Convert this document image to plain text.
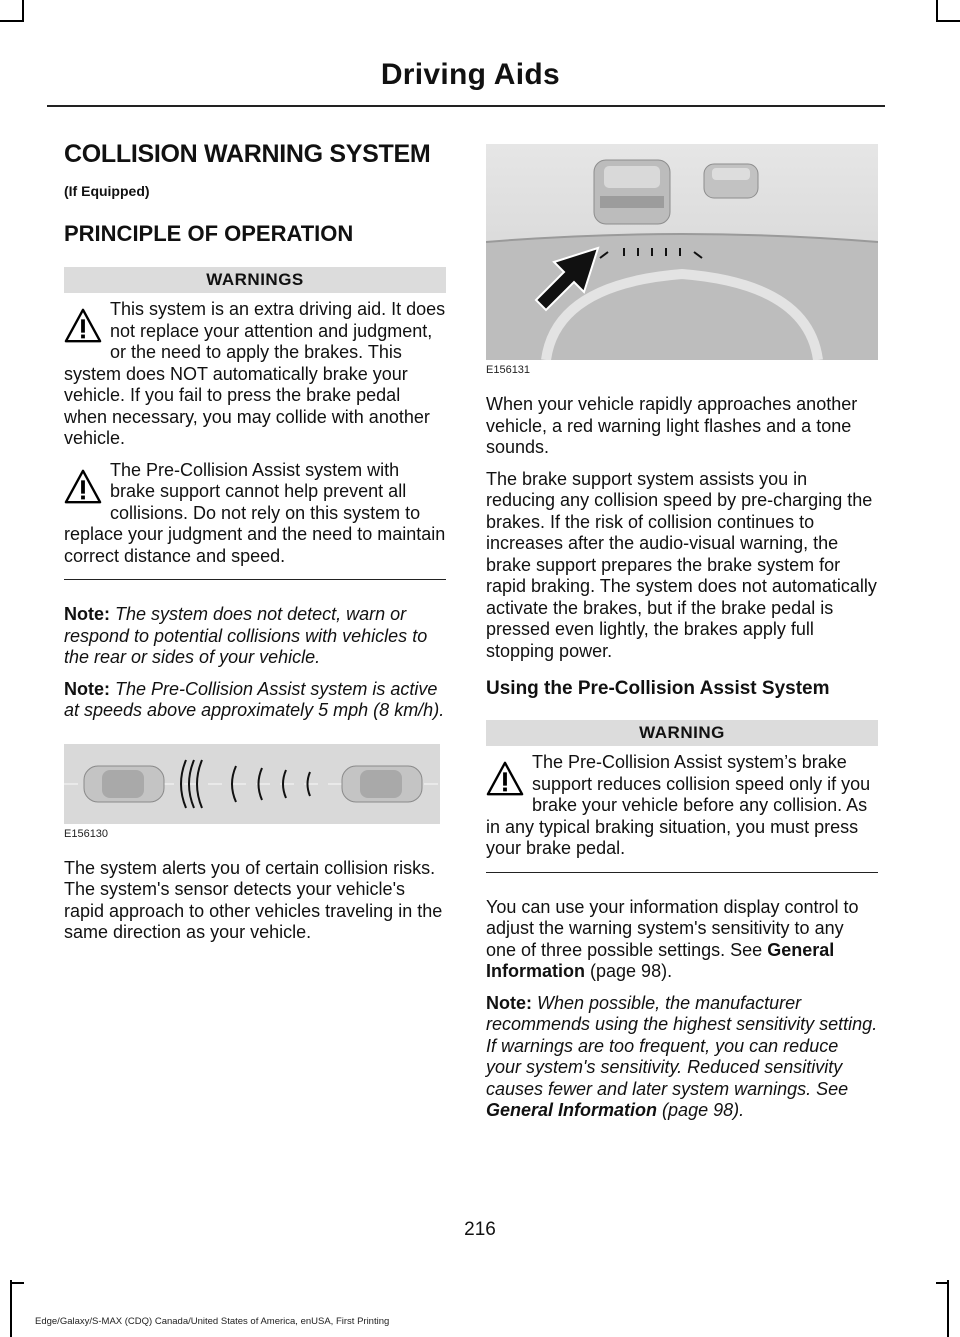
Driving Aids
COLLISION WARNING SYSTEM
(If Equipped)
PRINCIPLE OF OPERATION
WARNINGS
This system is an extra driving aid. It does not replace your attention and judgment, or the need to apply the brakes. This system does NOT automatically brake your vehicle. If you fail to press the brake pedal when necessary, you may collide with another vehicle.
The Pre-Collision Assist system with brake support cannot help prevent all collisions. Do not rely on this system to replace your judgment and the need to maintain correct distance and speed.

Note: The system does not detect, warn or respond to potential collisions with vehicles to the rear or sides of your vehicle.

Note: The Pre-Collision Assist system is active at speeds above approximately 5 mph (8 km/h).

E156130

The system alerts you of certain collision risks. The system's sensor detects your vehicle's rapid approach to other vehicles traveling in the same direction as your vehicle.

E156131

When your vehicle rapidly approaches another vehicle, a red warning light flashes and a tone sounds.

The brake support system assists you in reducing any collision speed by pre-charging the brakes. If the risk of collision continues to increases after the audio-visual warning, the brake support prepares the brake system for rapid braking. The system does not automatically activate the brakes, but if the brake pedal is pressed even lightly, the brakes apply full stopping power.

Using the Pre-Collision Assist System
WARNING
The Pre-Collision Assist system’s brake support reduces collision speed only if you brake your vehicle before any collision. As in any typical braking situation, you must press your brake pedal.

You can use your information display control to adjust the warning system's sensitivity to any one of three possible settings. See General Information (page 98).

Note: When possible, the manufacturer recommends using the highest sensitivity setting. If warnings are too frequent, you can reduce your system's sensitivity. Reduced sensitivity causes fewer and later system warnings. See General Information (page 98).

216
Edge/Galaxy/S-MAX (CDQ) Canada/United States of America, enUSA, First Printing
